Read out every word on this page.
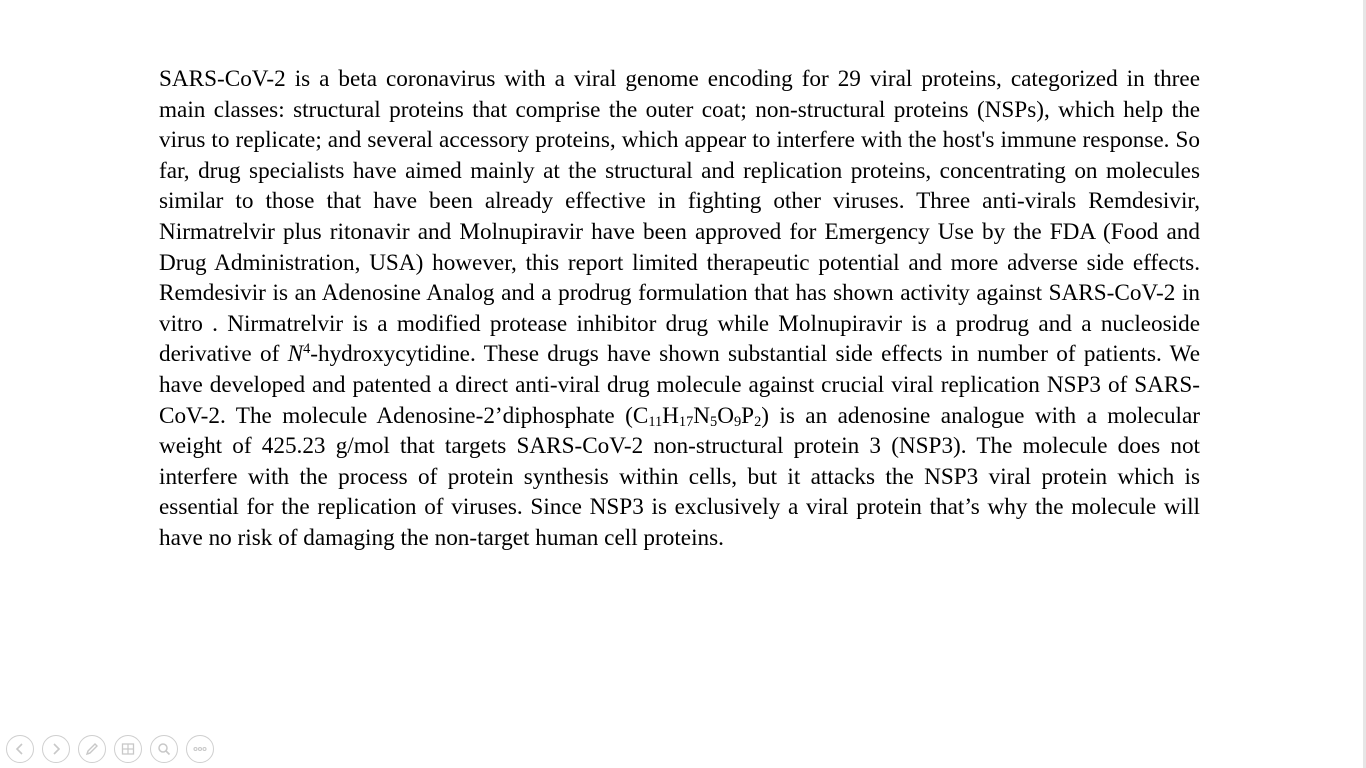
SARS-CoV-2 is a beta coronavirus with a viral genome encoding for 29 viral proteins, categorized in three main classes: structural proteins that comprise the outer coat; non-structural proteins (NSPs), which help the virus to replicate; and several accessory proteins, which appear to interfere with the host's immune response. So far, drug specialists have aimed mainly at the structural and replication proteins, concentrating on molecules similar to those that have been already effective in fighting other viruses. Three anti-virals Remdesivir, Nirmatrelvir plus ritonavir and Molnupiravir have been approved for Emergency Use by the FDA (Food and Drug Administration, USA) however, this report limited therapeutic potential and more adverse side effects. Remdesivir is an Adenosine Analog and a prodrug formulation that has shown activity against SARS-CoV-2 in vitro . Nirmatrelvir is a modified protease inhibitor drug while Molnupiravir is a prodrug and a nucleoside derivative of $N^4$-hydroxycytidine. These drugs have shown substantial side effects in number of patients. We have developed and patented a direct anti-viral drug molecule against crucial viral replication NSP3 of SARS-CoV-2. The molecule Adenosine-2’diphosphate $(C_{11}H_{17}N_5O_9P_2)$ is an adenosine analogue with a molecular weight of 425.23 g/mol that targets SARS-CoV-2 non-structural protein 3 (NSP3). The molecule does not interfere with the process of protein synthesis within cells, but it attacks the NSP3 viral protein which is essential for the replication of viruses. Since NSP3 is exclusively a viral protein that’s why the molecule will have no risk of damaging the non-target human cell proteins.
